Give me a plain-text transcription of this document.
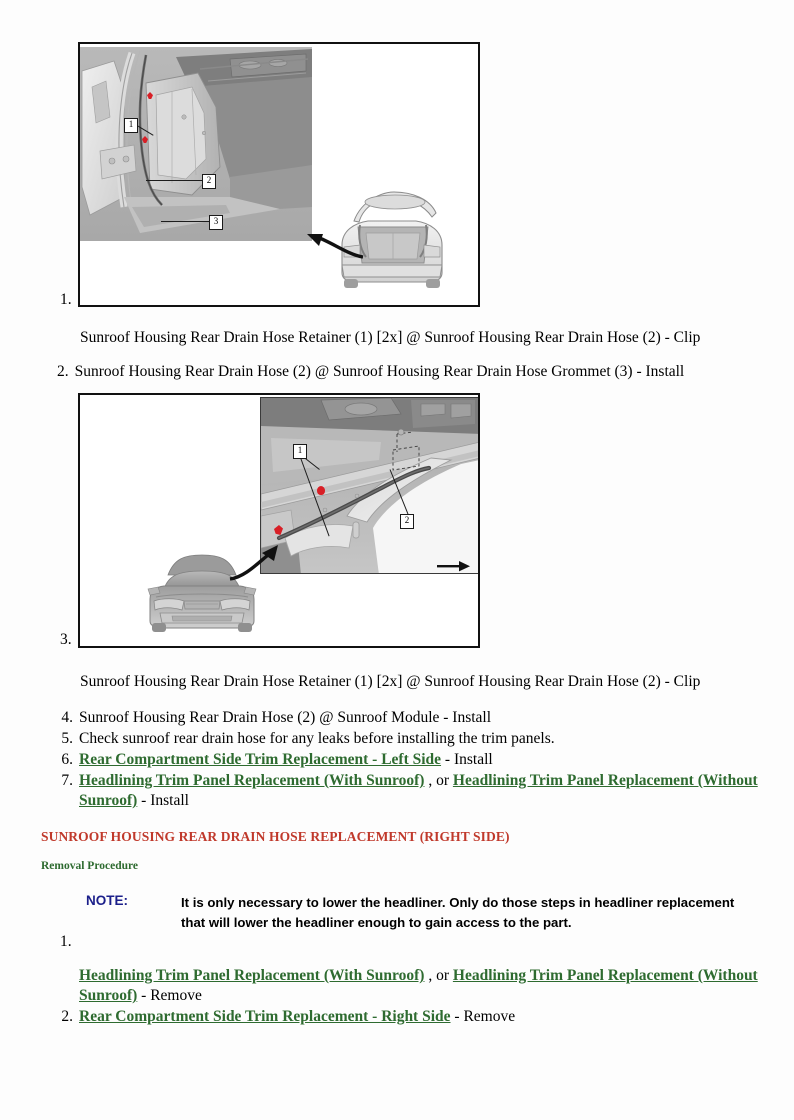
1.
1
2
3
Sunroof Housing Rear Drain Hose Retainer (1) [2x] @ Sunroof Housing Rear Drain Hose (2) - Clip
2. Sunroof Housing Rear Drain Hose (2) @ Sunroof Housing Rear Drain Hose Grommet (3) - Install
3.
1
2
Sunroof Housing Rear Drain Hose Retainer (1) [2x] @ Sunroof Housing Rear Drain Hose (2) - Clip
4. Sunroof Housing Rear Drain Hose (2) @ Sunroof Module - Install
5. Check sunroof rear drain hose for any leaks before installing the trim panels.
6. Rear Compartment Side Trim Replacement - Left Side - Install
7. Headlining Trim Panel Replacement (With Sunroof) , or Headlining Trim Panel Replacement (Without Sunroof) - Install
SUNROOF HOUSING REAR DRAIN HOSE REPLACEMENT (RIGHT SIDE)
Removal Procedure
NOTE:	It is only necessary to lower the headliner. Only do those steps in headliner replacement that will lower the headliner enough to gain access to the part.
1.
Headlining Trim Panel Replacement (With Sunroof) , or Headlining Trim Panel Replacement (Without Sunroof) - Remove
2. Rear Compartment Side Trim Replacement - Right Side - Remove
